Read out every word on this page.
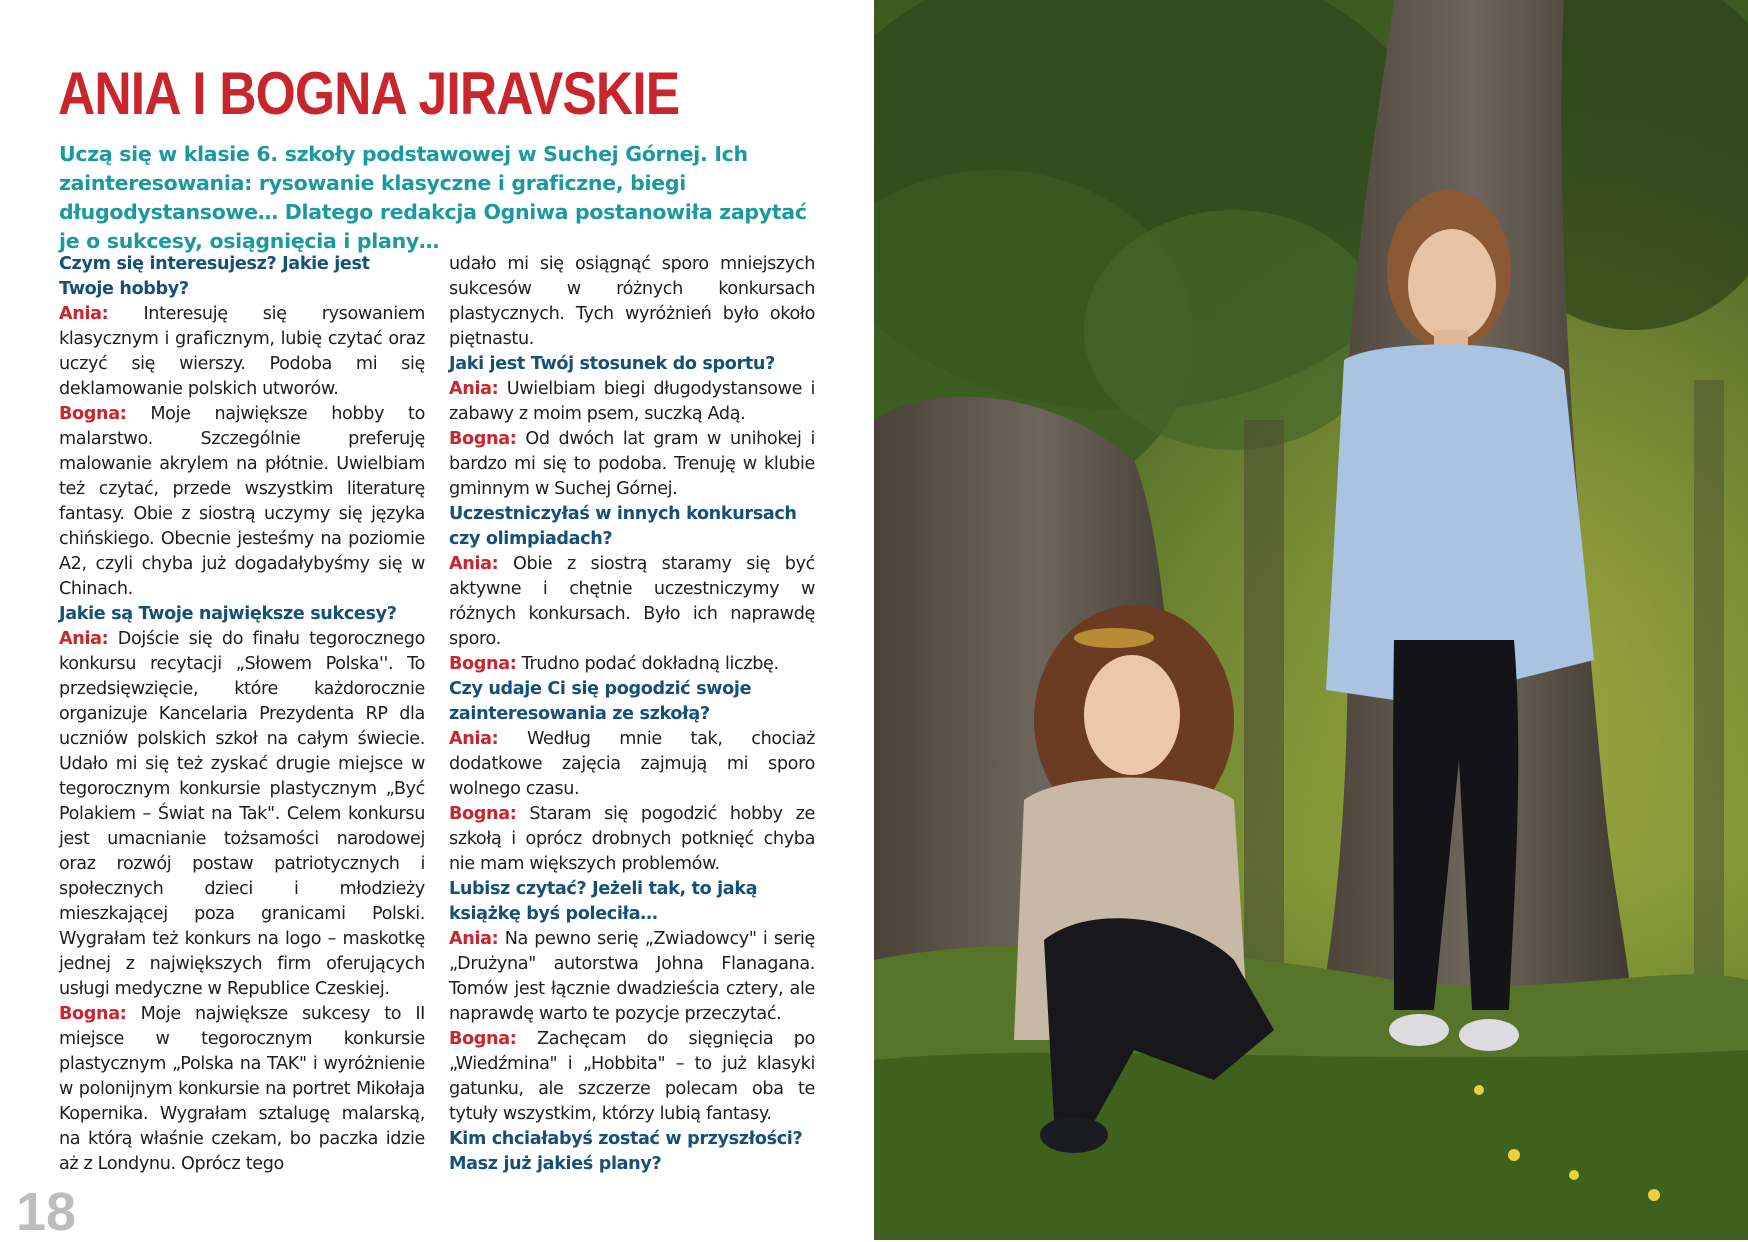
ANIA I BOGNA JIRAVSKIE

Uczą się w klasie 6. szkoły podstawowej w Suchej Górnej. Ich zainteresowania: rysowanie klasyczne i graficzne, biegi długodystansowe… Dlatego redakcja Ogniwa postanowiła zapytać je o sukcesy, osiągnięcia i plany…

Czym się interesujesz? Jakie jest Twoje hobby?

Ania: Interesuję się rysowaniem klasycznym i graficznym, lubię czytać oraz uczyć się wierszy. Podoba mi się deklamowanie polskich utworów.

Bogna: Moje największe hobby to malarstwo. Szczególnie preferuję malowanie akrylem na płótnie. Uwielbiam też czytać, przede wszystkim literaturę fantasy. Obie z siostrą uczymy się języka chińskiego. Obecnie jesteśmy na poziomie A2, czyli chyba już dogadałybyśmy się w Chinach.

Jakie są Twoje największe sukcesy?

Ania: Dojście się do finału tegorocznego konkursu recytacji „Słowem Polska''. To przedsięwzięcie, które każdorocznie organizuje Kancelaria Prezydenta RP dla uczniów polskich szkoł na całym świecie. Udało mi się też zyskać drugie miejsce w tegorocznym konkursie plastycznym „Być Polakiem – Świat na Tak". Celem konkursu jest umacnianie tożsamości narodowej oraz rozwój postaw patriotycznych i społecznych dzieci i młodzieży mieszkającej poza granicami Polski. Wygrałam też konkurs na logo – maskotkę jednej z największych firm oferujących usługi medyczne w Republice Czeskiej.

Bogna: Moje największe sukcesy to II miejsce w tegorocznym konkursie plastycznym „Polska na TAK" i wyróżnienie w polonijnym konkursie na portret Mikołaja Kopernika. Wygrałam sztalugę malarską, na którą właśnie czekam, bo paczka idzie aż z Londynu. Oprócz tego

udało mi się osiągnąć sporo mniejszych sukcesów w różnych konkursach plastycznych. Tych wyróżnień było około piętnastu.

Jaki jest Twój stosunek do sportu?

Ania: Uwielbiam biegi długodystansowe i zabawy z moim psem, suczką Adą.

Bogna: Od dwóch lat gram w unihokej i bardzo mi się to podoba. Trenuję w klubie gminnym w Suchej Górnej.

Uczestniczyłaś w innych konkursach czy olimpiadach?

Ania: Obie z siostrą staramy się być aktywne i chętnie uczestniczymy w różnych konkursach. Było ich naprawdę sporo.

Bogna: Trudno podać dokładną liczbę.

Czy udaje Ci się pogodzić swoje zainteresowania ze szkołą?

Ania: Według mnie tak, chociaż dodatkowe zajęcia zajmują mi sporo wolnego czasu.

Bogna: Staram się pogodzić hobby ze szkołą i oprócz drobnych potknięć chyba nie mam większych problemów.

Lubisz czytać? Jeżeli tak, to jaką książkę byś poleciła…

Ania: Na pewno serię „Zwiadowcy" i serię „Drużyna" autorstwa Johna Flanagana. Tomów jest łącznie dwadzieścia cztery, ale naprawdę warto te pozycje przeczytać.

Bogna: Zachęcam do sięgnięcia po „Wiedźmina" i „Hobbita" – to już klasyki gatunku, ale szczerze polecam oba te tytuły wszystkim, którzy lubią fantasy.

Kim chciałabyś zostać w przyszłości? Masz już jakieś plany?
18
